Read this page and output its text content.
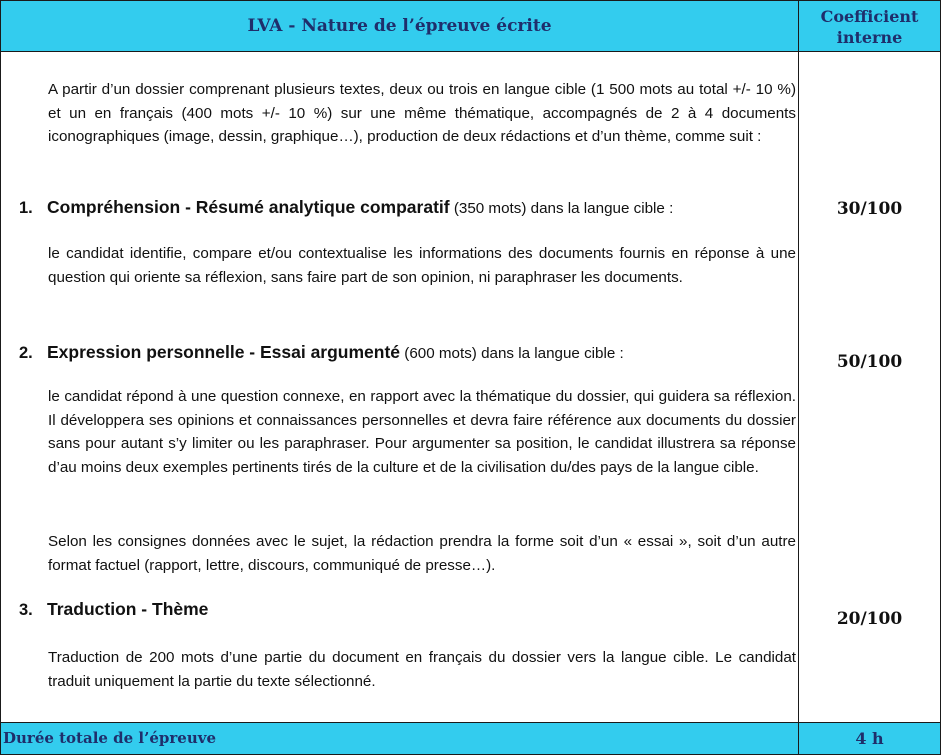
LVA - Nature de l’épreuve écrite	Coefficient interne

A partir d’un dossier comprenant plusieurs textes, deux ou trois en langue cible (1 500 mots au total +/- 10 %) et un en français (400 mots +/- 10 %) sur une même thématique, accompagnés de 2 à 4 documents iconographiques (image, dessin, graphique…), production de deux rédactions et d’un thème, comme suit :

1. Compréhension - Résumé analytique comparatif (350 mots) dans la langue cible :

le candidat identifie, compare et/ou contextualise les informations des documents fournis en réponse à une question qui oriente sa réflexion, sans faire part de son opinion, ni paraphraser les documents.

2. Expression personnelle - Essai argumenté (600 mots) dans la langue cible :

le candidat répond à une question connexe, en rapport avec la thématique du dossier, qui guidera sa réflexion. Il développera ses opinions et connaissances personnelles et devra faire référence aux documents du dossier sans pour autant s’y limiter ou les paraphraser. Pour argumenter sa position, le candidat illustrera sa réponse d’au moins deux exemples pertinents tirés de la culture et de la civilisation du/des pays de la langue cible.

Selon les consignes données avec le sujet, la rédaction prendra la forme soit d’un « essai », soit d’un autre format factuel (rapport, lettre, discours, communiqué de presse…).

3. Traduction - Thème

Traduction de 200 mots d’une partie du document en français du dossier vers la langue cible. Le candidat traduit uniquement la partie du texte sélectionné.

30/100
50/100
20/100
Durée totale de l’épreuve	4 h
